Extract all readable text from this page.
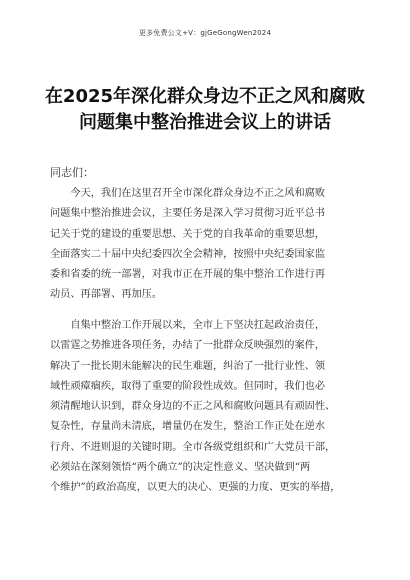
更多免费公文+V：gjGeGongWen2024
在2025年深化群众身边不正之风和腐败
问题集中整治推进会议上的讲话
同志们：
　　今天，我们在这里召开全市深化群众身边不正之风和腐败
问题集中整治推进会议，主要任务是深入学习贯彻习近平总书
记关于党的建设的重要思想、关于党的自我革命的重要思想，
全面落实二十届中央纪委四次全会精神，按照中央纪委国家监
委和省委的统一部署，对我市正在开展的集中整治工作进行再
动员、再部署、再加压。
　　自集中整治工作开展以来，全市上下坚决扛起政治责任，
以雷霆之势推进各项任务，办结了一批群众反映强烈的案件，
解决了一批长期未能解决的民生难题，纠治了一批行业性、领
域性顽瘴痼疾，取得了重要的阶段性成效。但同时，我们也必
须清醒地认识到，群众身边的不正之风和腐败问题具有顽固性、
复杂性，存量尚未清底，增量仍在发生，整治工作正处在逆水
行舟、不进则退的关键时期。全市各级党组织和广大党员干部，
必须站在深刻领悟“两个确立”的决定性意义、坚决做到“两
个维护”的政治高度，以更大的决心、更强的力度、更实的举措，
